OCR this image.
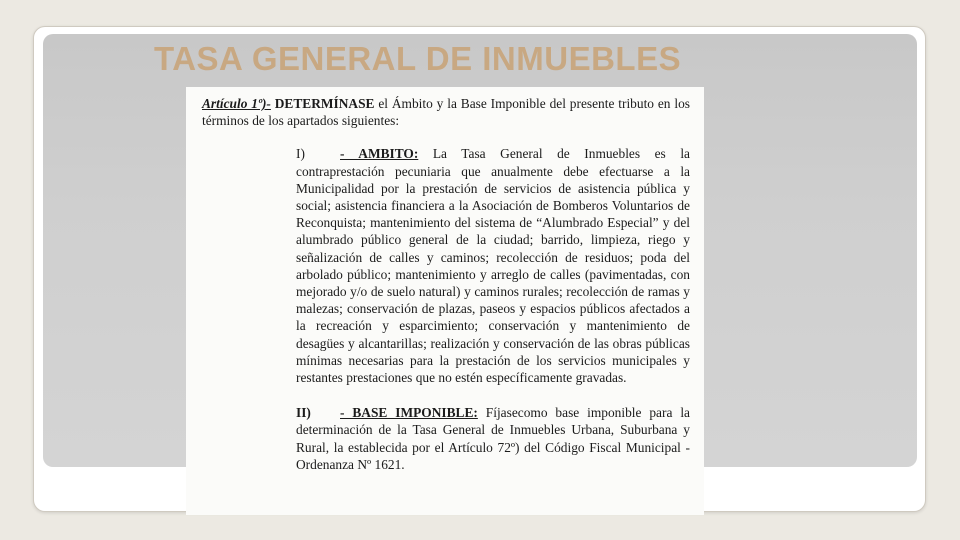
TASA GENERAL DE INMUEBLES

Artículo 1º)- DETERMÍNASE el Ámbito y la Base Imponible del presente tributo en los términos de los apartados siguientes:

I)	- AMBITO: La Tasa General de Inmuebles es la contraprestación pecuniaria que anualmente debe efectuarse a la Municipalidad por la prestación de servicios de asistencia pública y social; asistencia financiera a la Asociación de Bomberos Voluntarios de Reconquista; mantenimiento del sistema de “Alumbrado Especial” y del alumbrado público general de la ciudad; barrido, limpieza, riego y señalización de calles y caminos; recolección de residuos; poda del arbolado público; mantenimiento y arreglo de calles (pavimentadas, con mejorado y/o de suelo natural) y caminos rurales; recolección de ramas y malezas; conservación de plazas, paseos y espacios públicos afectados a la recreación y esparcimiento; conservación y mantenimiento de desagües y alcantarillas; realización y conservación de las obras públicas mínimas necesarias para la prestación de los servicios municipales y restantes prestaciones que no estén específicamente gravadas.

II) - BASE IMPONIBLE: Fíjasecomo base imponible para la determinación de la Tasa General de Inmuebles Urbana, Suburbana y Rural, la establecida por el Artículo 72º) del Código Fiscal Municipal - Ordenanza Nº 1621.
